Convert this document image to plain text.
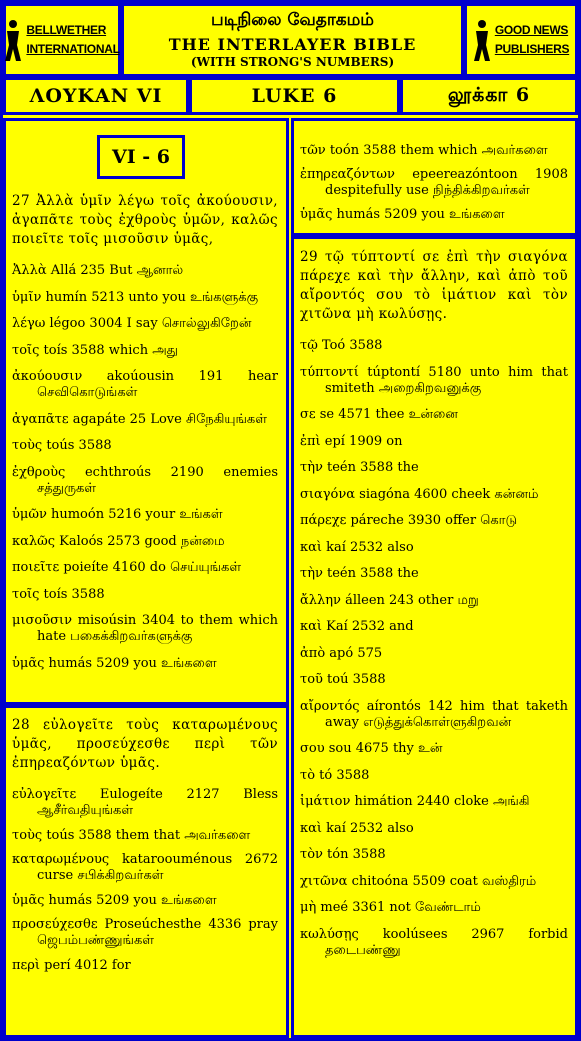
BELLWETHER
INTERNATIONAL
படிநிலை வேதாகமம்
THE INTERLAYER BIBLE
(WITH STRONG'S NUMBERS)
GOOD NEWS
PUBLISHERS
ΛΟΥΚΑΝ VI	LUKE 6	லூக்கா 6
VI - 6
27 Ἀλλὰ ὑμῖν λέγω τοῖς ἀκούουσιν, ἀγαπᾶτε τοὺς ἐχθροὺς ὑμῶν, καλῶς ποιεῖτε τοῖς μισοῦσιν ὑμᾶς,
Ἀλλὰ Allá 235 But ஆனால்
ὑμῖν humín 5213 unto you உங்களுக்கு
λέγω légoo 3004 I say சொல்லுகிறேன்
τοῖς toís 3588 which அது
ἀκούουσιν akoúousin 191 hear செவிகொடுங்கள்
ἀγαπᾶτε agapáte 25 Love சிநேகியுங்கள்
τοὺς toús 3588
ἐχθροὺς echthroús 2190 enemies சத்துருகள்
ὑμῶν humoón 5216 your உங்கள்
καλῶς Kaloós 2573 good நன்மை
ποιεῖτε poieíte 4160 do செய்யுங்கள்
τοῖς toís 3588
μισοῦσιν misoúsin 3404 to them which hate பகைக்கிறவர்களுக்கு
ὑμᾶς humás 5209 you உங்களை
28 εὐλογεῖτε τοὺς καταρωμένους ὑμᾶς, προσεύχεσθε περὶ τῶν ἐπηρεαζόντων ὑμᾶς.
εὐλογεῖτε Eulogeíte 2127 Bless ஆசீர்வதியுங்கள்
τοὺς toús 3588 them that அவர்களை
καταρωμένους kataroouménous 2672 curse சபிக்கிறவர்கள்
ὑμᾶς humás 5209 you உங்களை
προσεύχεσθε Proseúchesthe 4336 pray ஜெபம்பண்ணுங்கள்
περὶ perí 4012 for
τῶν toón 3588 them which அவர்களை
ἐπηρεαζόντων epeereazóntoon 1908 despitefully use நிந்திக்கிறவர்கள்
ὑμᾶς humás 5209 you உங்களை
29 τῷ τύπτοντί σε ἐπὶ τὴν σιαγόνα πάρεχε καὶ τὴν ἄλλην, καὶ ἀπὸ τοῦ αἴροντός σου τὸ ἱμάτιον καὶ τὸν χιτῶνα μὴ κωλύσῃς.
τῷ Toó 3588
τύπτοντί túptontí 5180 unto him that smiteth அறைகிறவனுக்கு
σε se 4571 thee உன்னை
ἐπὶ epí 1909 on
τὴν teén 3588 the
σιαγόνα siagóna 4600 cheek கன்னம்
πάρεχε páreche 3930 offer கொடு
καὶ kaí 2532 also
τὴν teén 3588 the
ἄλλην álleen 243 other மறு
καὶ Kaí 2532 and
ἀπὸ apó 575
τοῦ toú 3588
αἴροντός aírontós 142 him that taketh away எடுத்துக்கொள்ளுகிறவன்
σου sou 4675 thy உன்
τὸ tó 3588
ἱμάτιον himátion 2440 cloke அங்கி
καὶ kaí 2532 also
τὸν tón 3588
χιτῶνα chitoóna 5509 coat வஸ்திரம்
μὴ meé 3361 not வேண்டாம்
κωλύσῃς koolúsees 2967 forbid தடைபண்ணு
